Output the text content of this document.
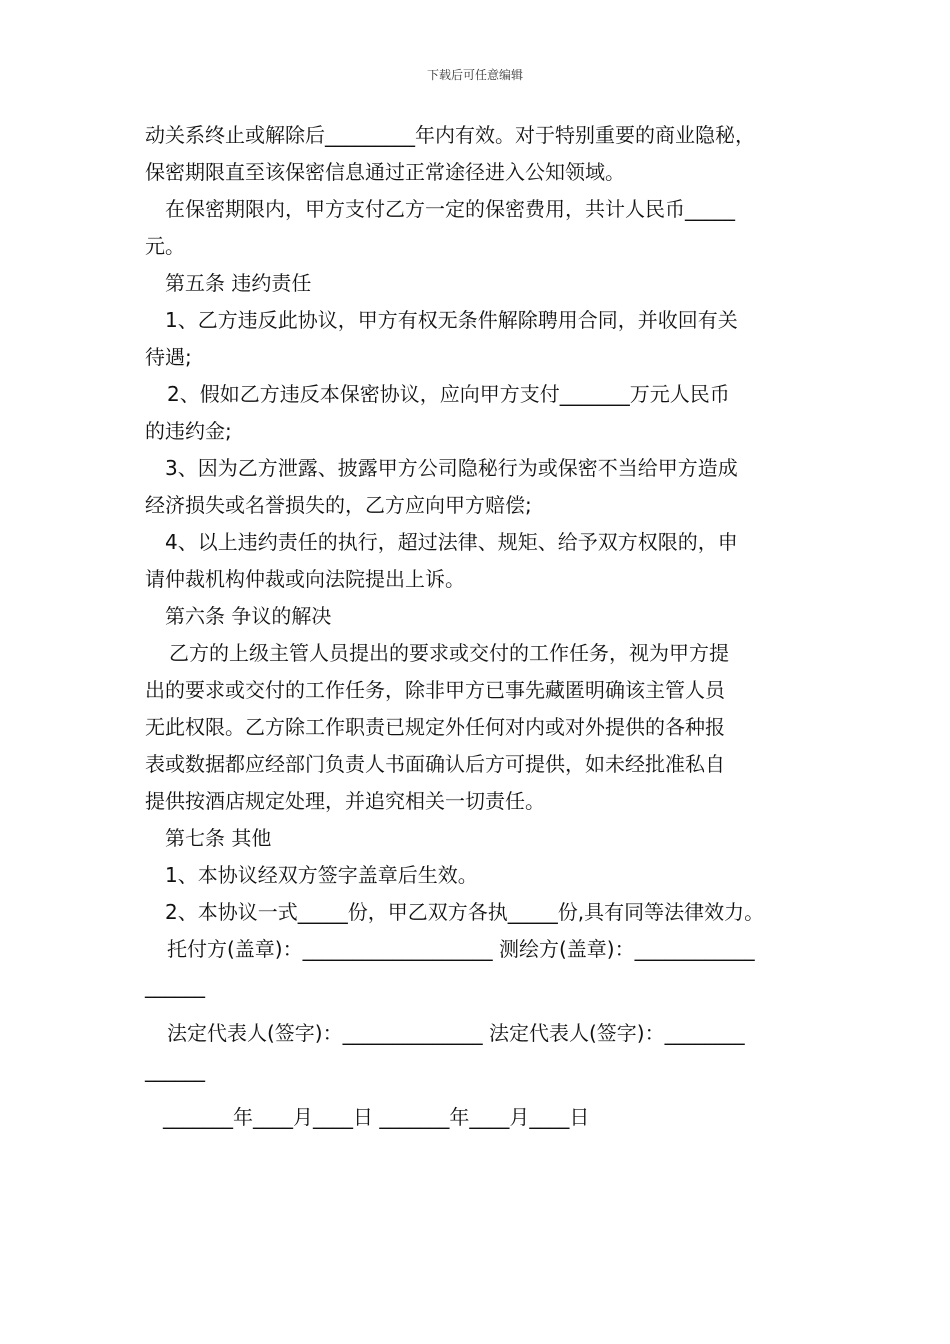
下载后可任意编辑
动关系终止或解除后_________年内有效。对于特别重要的商业隐秘，
保密期限直至该保密信息通过正常途径进入公知领域。
在保密期限内，甲方支付乙方一定的保密费用，共计人民币_____
元。
第五条 违约责任
1、乙方违反此协议，甲方有权无条件解除聘用合同，并收回有关
待遇;
2、假如乙方违反本保密协议，应向甲方支付_______万元人民币
的违约金;
3、因为乙方泄露、披露甲方公司隐秘行为或保密不当给甲方造成
经济损失或名誉损失的，乙方应向甲方赔偿;
4、以上违约责任的执行，超过法律、规矩、给予双方权限的，申
请仲裁机构仲裁或向法院提出上诉。
第六条 争议的解决
乙方的上级主管人员提出的要求或交付的工作任务，视为甲方提
出的要求或交付的工作任务，除非甲方已事先藏匿明确该主管人员
无此权限。乙方除工作职责已规定外任何对内或对外提供的各种报
表或数据都应经部门负责人书面确认后方可提供，如未经批准私自
提供按酒店规定处理，并追究相关一切责任。
第七条 其他
1、本协议经双方签字盖章后生效。
2、本协议一式_____份，甲乙双方各执_____份,具有同等法律效力。
托付方(盖章)：___________________ 测绘方(盖章)：____________
______
法定代表人(签字)：______________ 法定代表人(签字)：________
______
_______年____月____日 _______年____月____日
